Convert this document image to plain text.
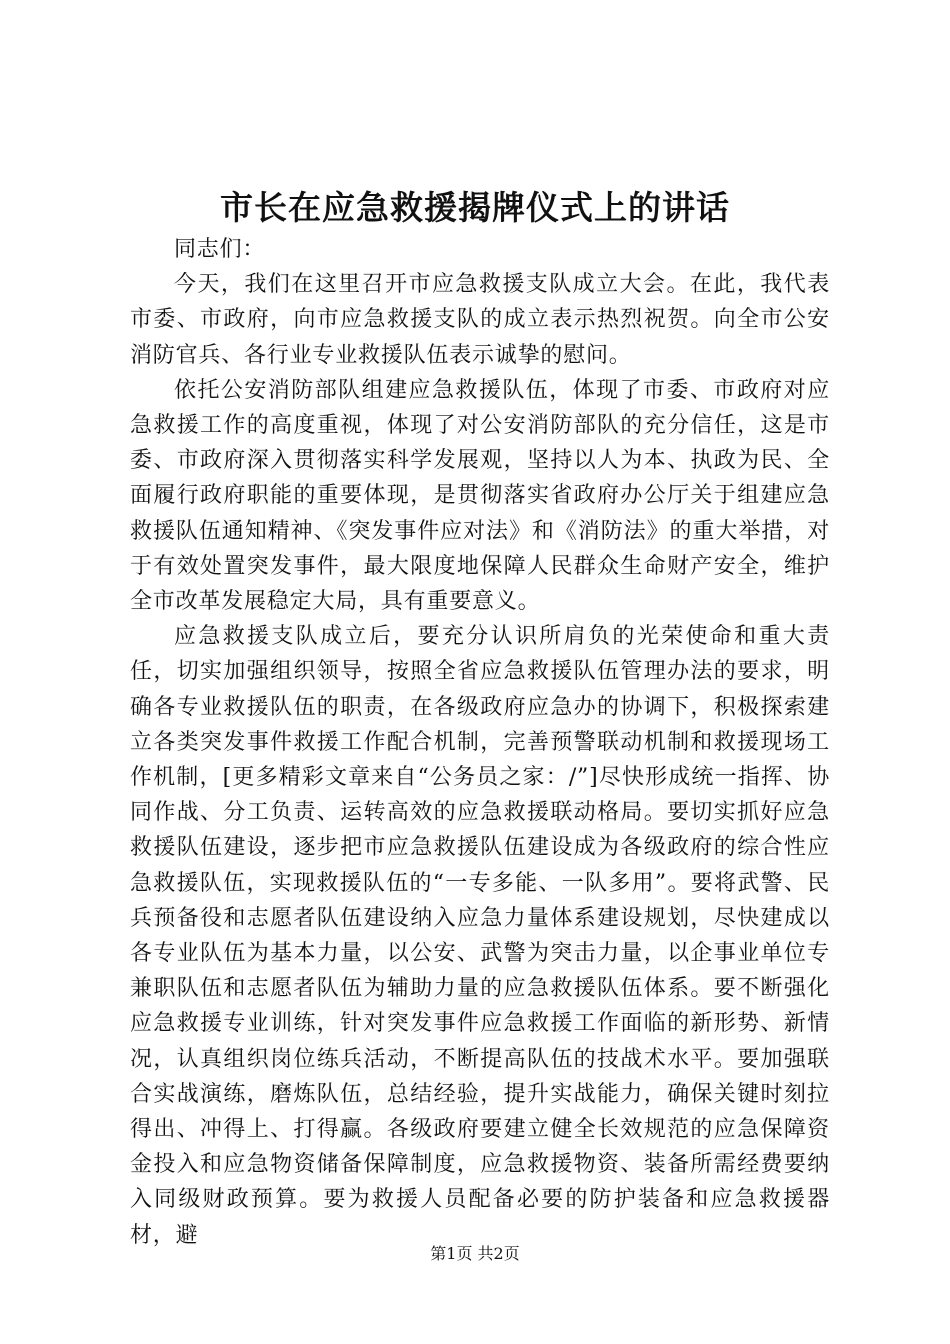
市长在应急救援揭牌仪式上的讲话

同志们：

今天，我们在这里召开市应急救援支队成立大会。在此，我代表市委、市政府，向市应急救援支队的成立表示热烈祝贺。向全市公安消防官兵、各行业专业救援队伍表示诚挚的慰问。

依托公安消防部队组建应急救援队伍，体现了市委、市政府对应急救援工作的高度重视，体现了对公安消防部队的充分信任，这是市委、市政府深入贯彻落实科学发展观，坚持以人为本、执政为民、全面履行政府职能的重要体现，是贯彻落实省政府办公厅关于组建应急救援队伍通知精神、《突发事件应对法》和《消防法》的重大举措，对于有效处置突发事件，最大限度地保障人民群众生命财产安全，维护全市改革发展稳定大局，具有重要意义。

应急救援支队成立后，要充分认识所肩负的光荣使命和重大责任，切实加强组织领导，按照全省应急救援队伍管理办法的要求，明确各专业救援队伍的职责，在各级政府应急办的协调下，积极探索建立各类突发事件救援工作配合机制，完善预警联动机制和救援现场工作机制，[更多精彩文章来自“公务员之家：/”]尽快形成统一指挥、协同作战、分工负责、运转高效的应急救援联动格局。要切实抓好应急救援队伍建设，逐步把市应急救援队伍建设成为各级政府的综合性应急救援队伍，实现救援队伍的“一专多能、一队多用”。要将武警、民兵预备役和志愿者队伍建设纳入应急力量体系建设规划，尽快建成以各专业队伍为基本力量，以公安、武警为突击力量，以企事业单位专兼职队伍和志愿者队伍为辅助力量的应急救援队伍体系。要不断强化应急救援专业训练，针对突发事件应急救援工作面临的新形势、新情况，认真组织岗位练兵活动，不断提高队伍的技战术水平。要加强联合实战演练，磨炼队伍，总结经验，提升实战能力，确保关键时刻拉得出、冲得上、打得赢。各级政府要建立健全长效规范的应急保障资金投入和应急物资储备保障制度，应急救援物资、装备所需经费要纳入同级财政预算。要为救援人员配备必要的防护装备和应急救援器材，避

第1页 共2页
